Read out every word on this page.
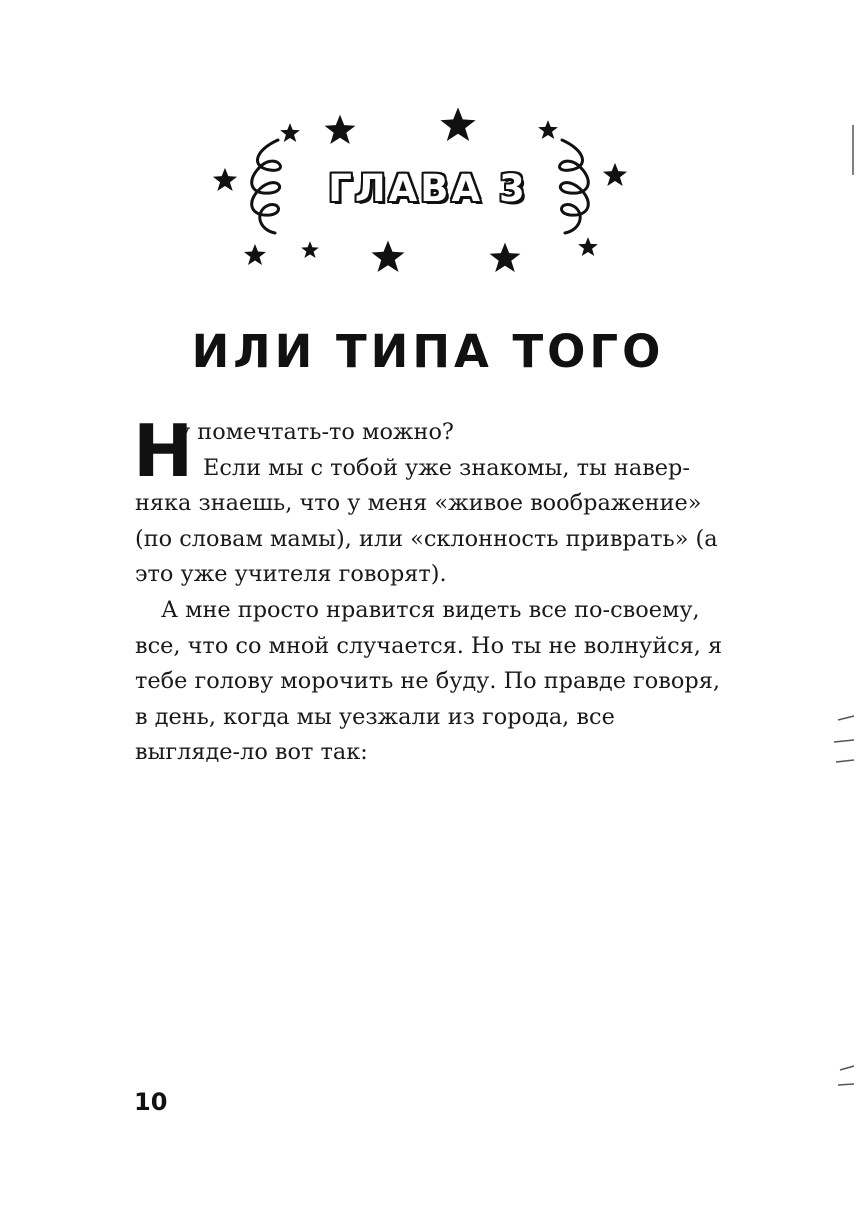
ГЛАВА 3
ИЛИ ТИПА ТОГО

Н
у помечтать-то можно?

Если мы с тобой уже знакомы, ты навер-

няка знаешь, что у меня «живое воображение» (по словам мамы), или «склонность приврать» (а это уже учителя говорят).

А мне просто нравится видеть все по-своему, все, что со мной случается. Но ты не волнуйся, я тебе голову морочить не буду. По правде говоря, в день, когда мы уезжали из города, все выгляде-ло вот так:

10
